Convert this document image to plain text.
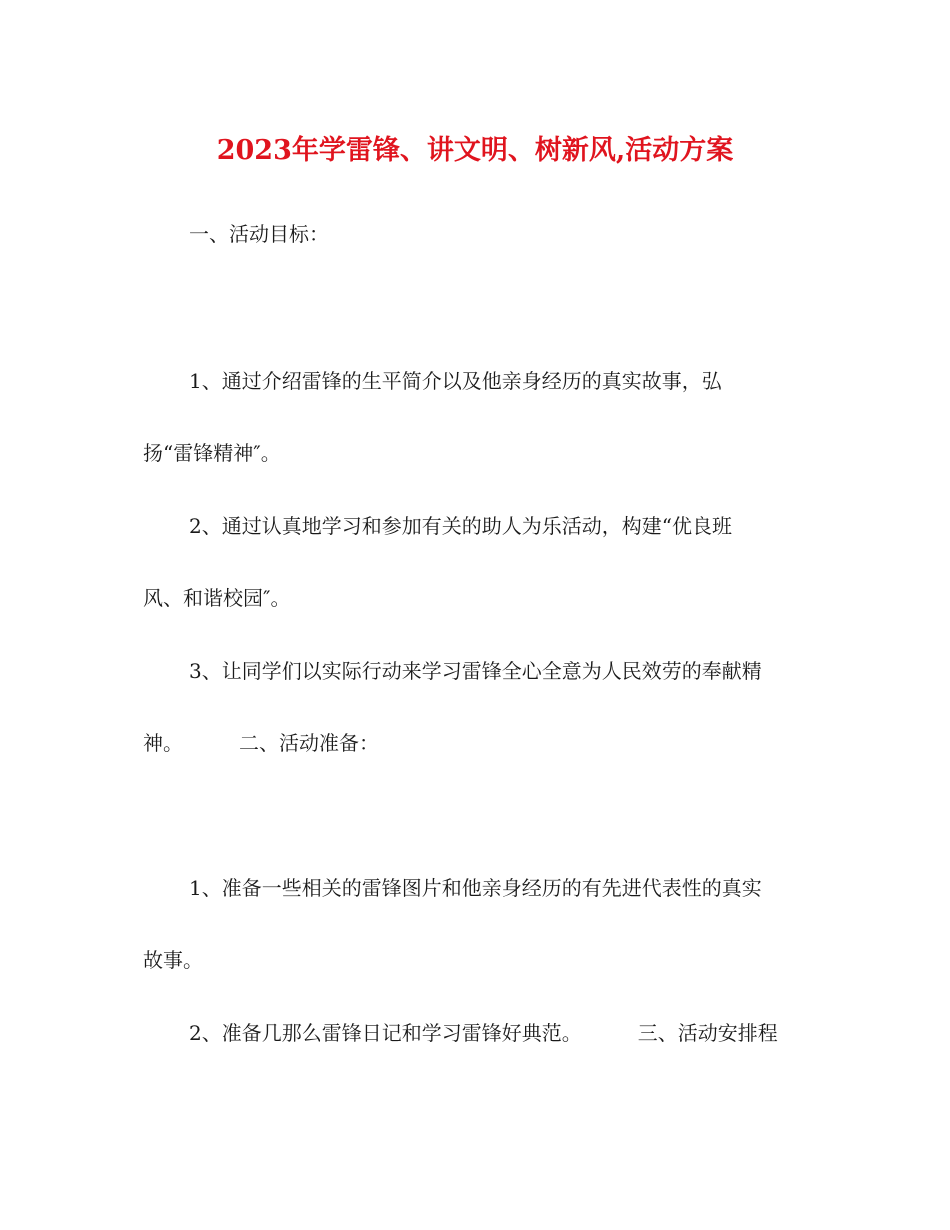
2023年学雷锋、讲文明、树新风,活动方案
一、活动目标：
1、通过介绍雷锋的生平简介以及他亲身经历的真实故事，弘
扬“雷锋精神″。
2、通过认真地学习和参加有关的助人为乐活动，构建“优良班
风、和谐校园″。
3、让同学们以实际行动来学习雷锋全心全意为人民效劳的奉献精
神。	二、活动准备：
1、准备一些相关的雷锋图片和他亲身经历的有先进代表性的真实
故事。
2、准备几那么雷锋日记和学习雷锋好典范。	三、活动安排程
